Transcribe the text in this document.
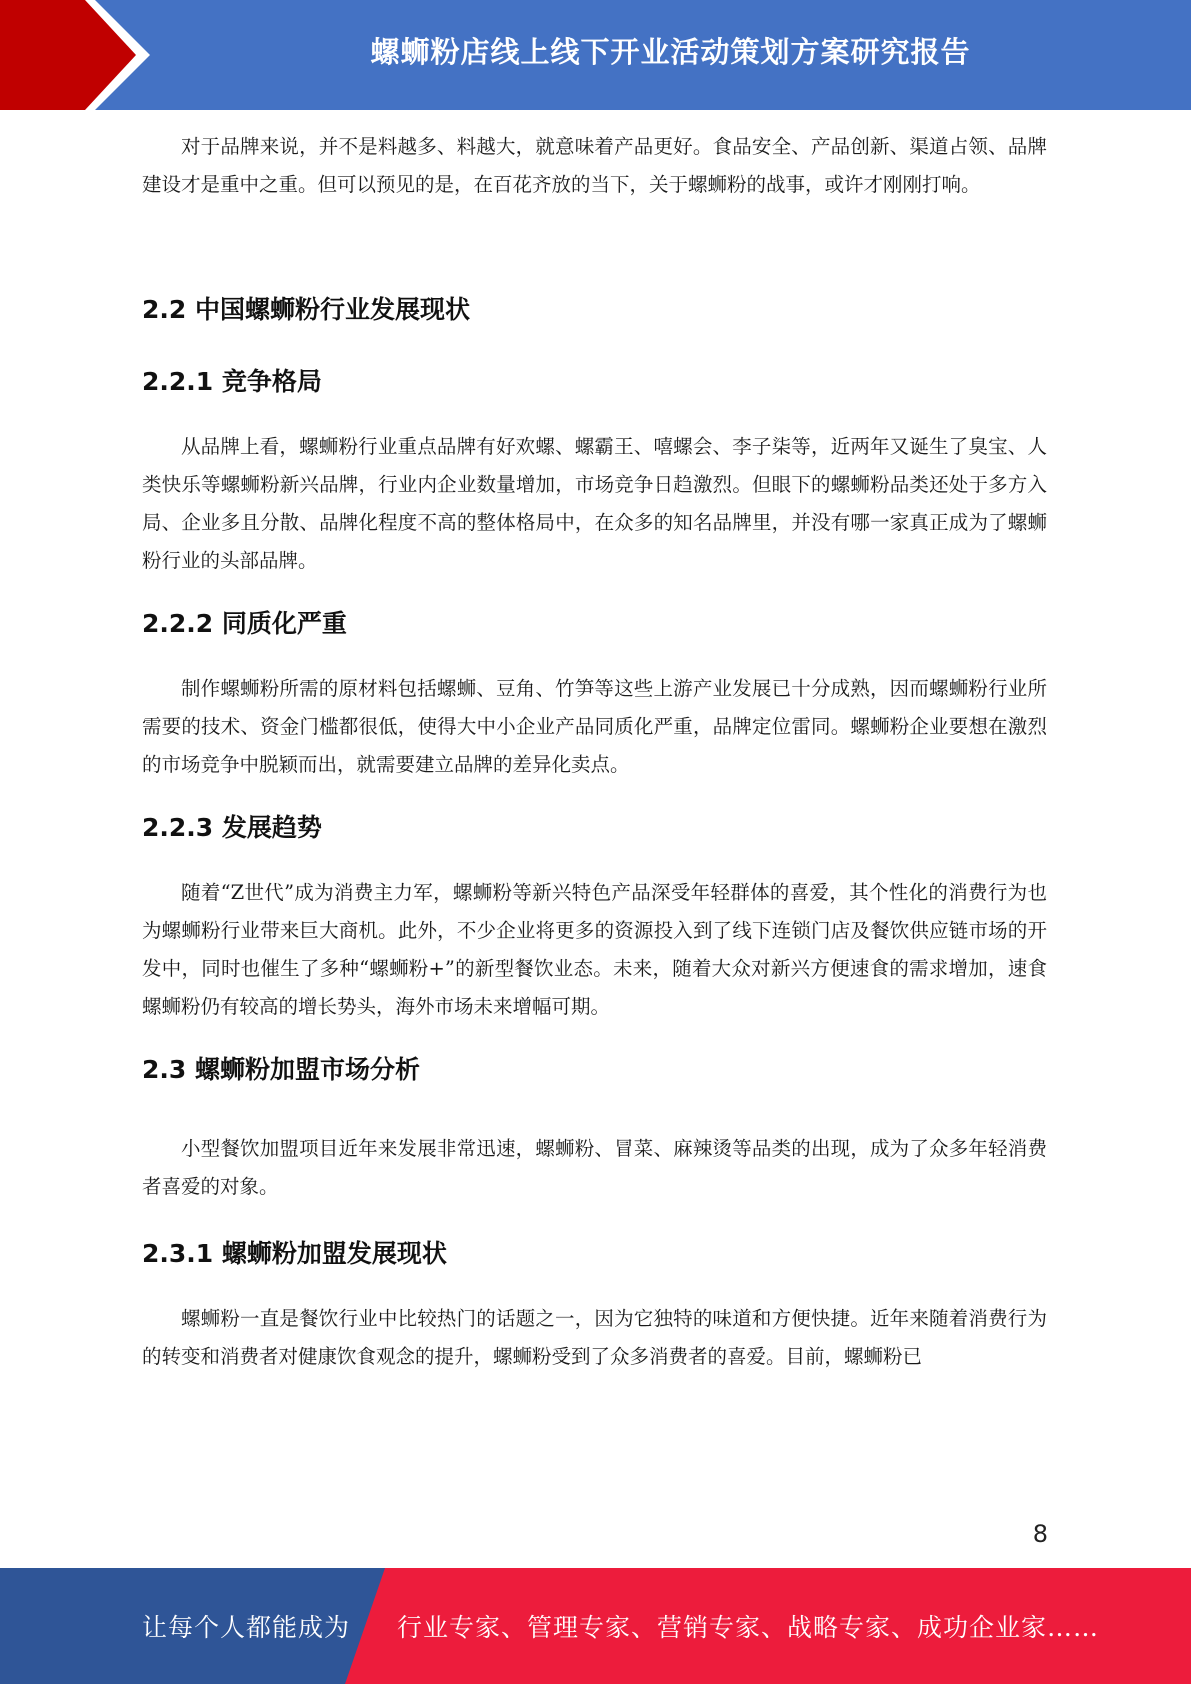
螺蛳粉店线上线下开业活动策划方案研究报告

对于品牌来说，并不是料越多、料越大，就意味着产品更好。食品安全、产品创新、渠道占领、品牌建设才是重中之重。但可以预见的是，在百花齐放的当下，关于螺蛳粉的战事，或许才刚刚打响。

2.2 中国螺蛳粉行业发展现状
2.2.1 竞争格局

从品牌上看，螺蛳粉行业重点品牌有好欢螺、螺霸王、嘻螺会、李子柒等，近两年又诞生了臭宝、人类快乐等螺蛳粉新兴品牌，行业内企业数量增加，市场竞争日趋激烈。但眼下的螺蛳粉品类还处于多方入局、企业多且分散、品牌化程度不高的整体格局中，在众多的知名品牌里，并没有哪一家真正成为了螺蛳粉行业的头部品牌。

2.2.2 同质化严重

制作螺蛳粉所需的原材料包括螺蛳、豆角、竹笋等这些上游产业发展已十分成熟，因而螺蛳粉行业所需要的技术、资金门槛都很低，使得大中小企业产品同质化严重，品牌定位雷同。螺蛳粉企业要想在激烈的市场竞争中脱颖而出，就需要建立品牌的差异化卖点。

2.2.3 发展趋势

随着“Z世代”成为消费主力军，螺蛳粉等新兴特色产品深受年轻群体的喜爱，其个性化的消费行为也为螺蛳粉行业带来巨大商机。此外，不少企业将更多的资源投入到了线下连锁门店及餐饮供应链市场的开发中，同时也催生了多种“螺蛳粉+”的新型餐饮业态。未来，随着大众对新兴方便速食的需求增加，速食螺蛳粉仍有较高的增长势头，海外市场未来增幅可期。

2.3 螺蛳粉加盟市场分析

小型餐饮加盟项目近年来发展非常迅速，螺蛳粉、冒菜、麻辣烫等品类的出现，成为了众多年轻消费者喜爱的对象。

2.3.1 螺蛳粉加盟发展现状

螺蛳粉一直是餐饮行业中比较热门的话题之一，因为它独特的味道和方便快捷。近年来随着消费行为的转变和消费者对健康饮食观念的提升，螺蛳粉受到了众多消费者的喜爱。目前，螺蛳粉已

8
让每个人都能成为 行业专家、管理专家、营销专家、战略专家、成功企业家……
